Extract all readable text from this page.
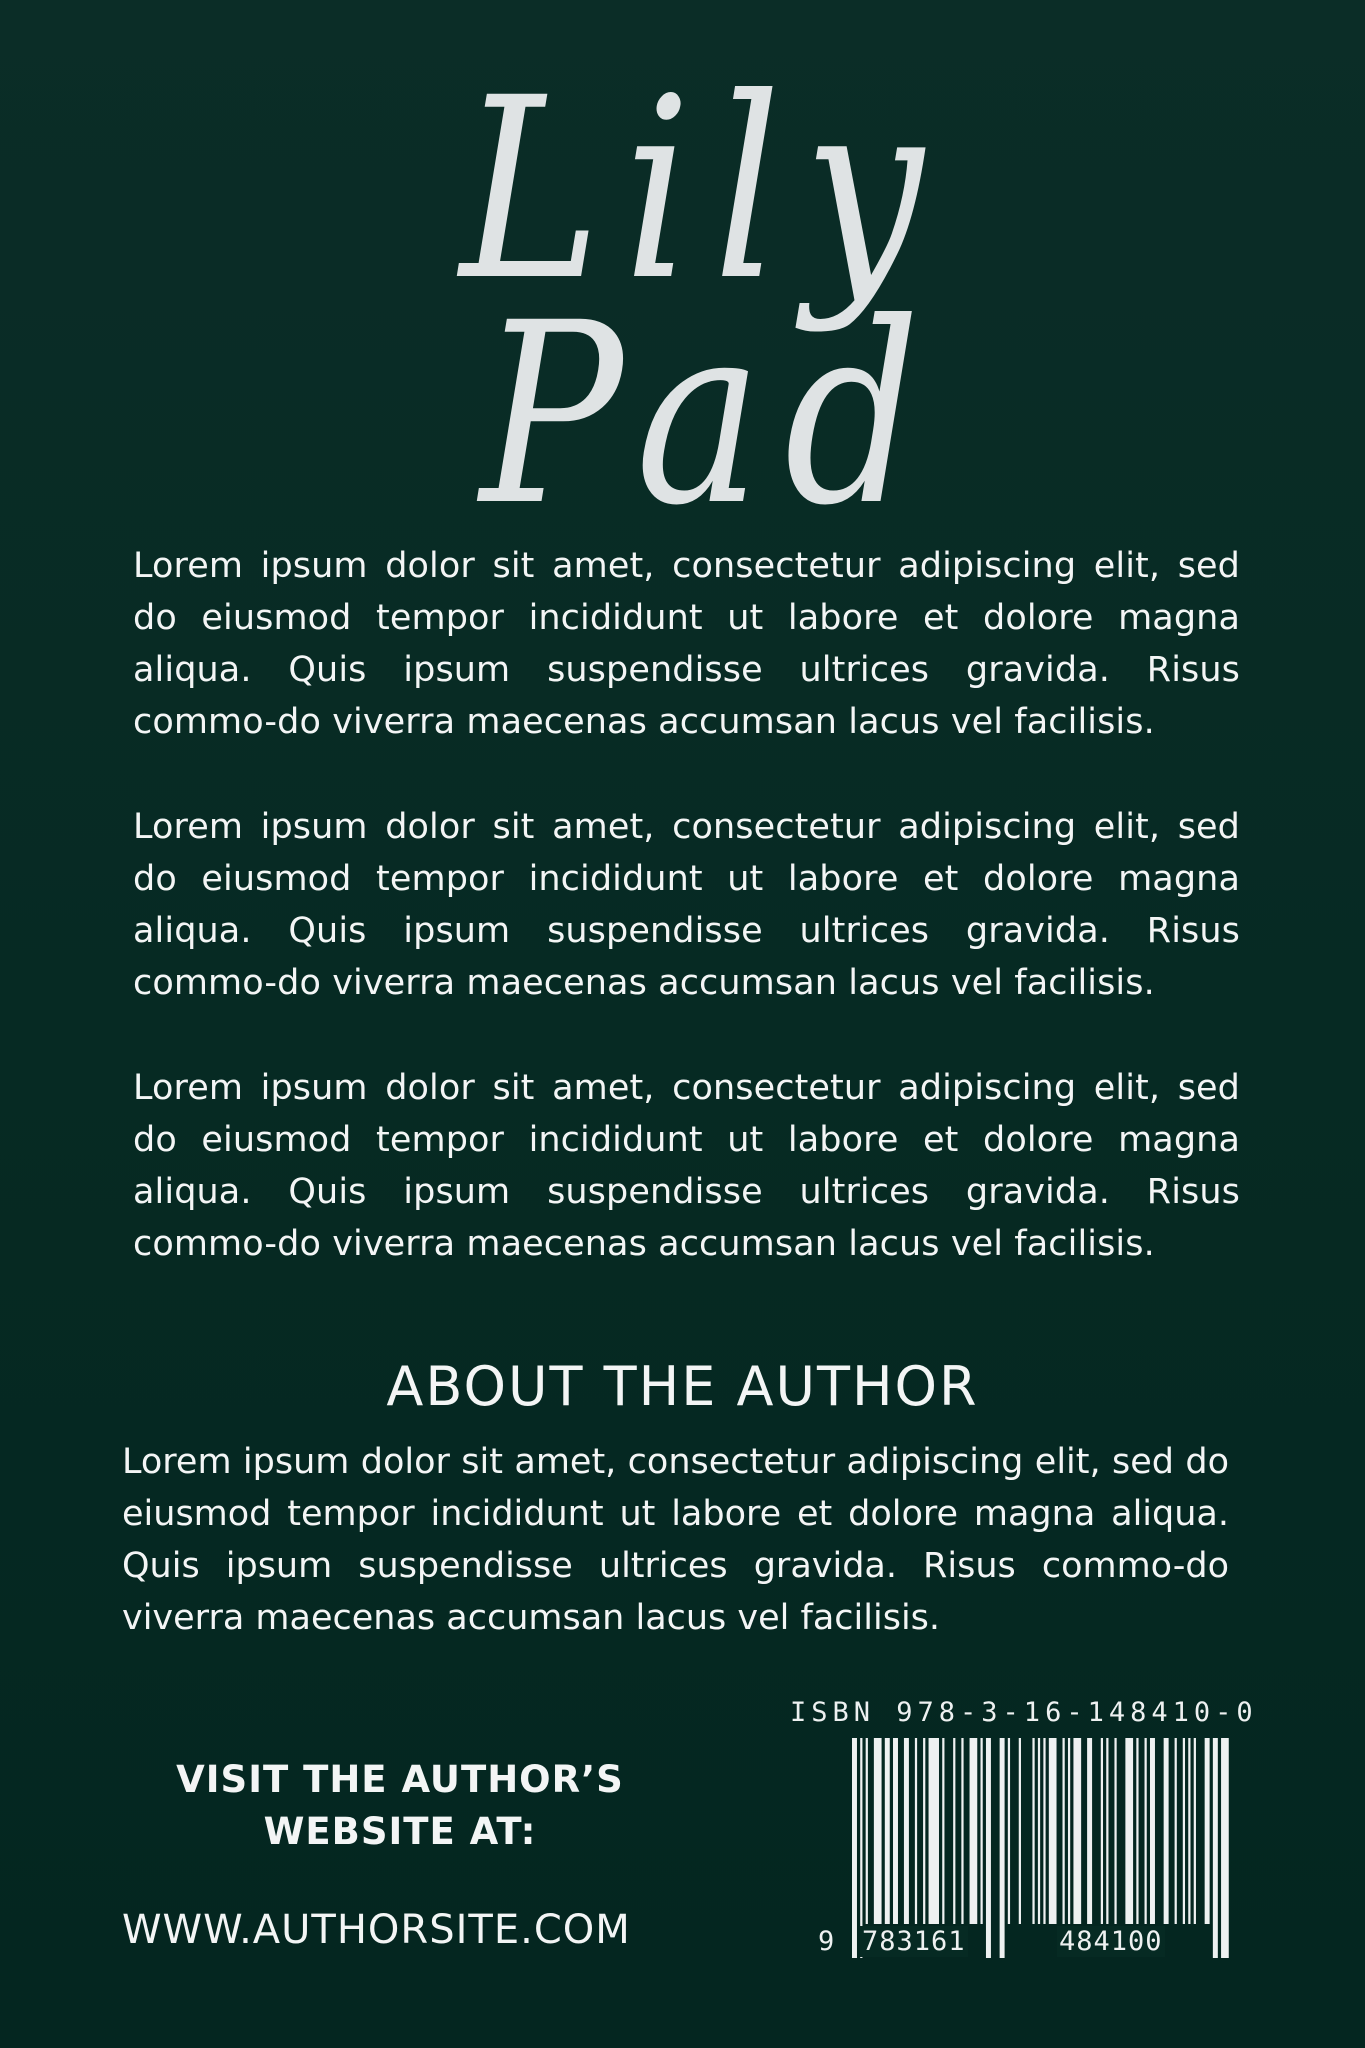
Lily
Pad
Lorem ipsum dolor sit amet, consectetur adipiscing elit, sed do eiusmod tempor incididunt ut labore et dolore magna aliqua. Quis ipsum suspendisse ultrices gravida. Risus commo-do viverra maecenas accumsan lacus vel facilisis.
Lorem ipsum dolor sit amet, consectetur adipiscing elit, sed do eiusmod tempor incididunt ut labore et dolore magna aliqua. Quis ipsum suspendisse ultrices gravida. Risus commo-do viverra maecenas accumsan lacus vel facilisis.
Lorem ipsum dolor sit amet, consectetur adipiscing elit, sed do eiusmod tempor incididunt ut labore et dolore magna aliqua. Quis ipsum suspendisse ultrices gravida. Risus commo-do viverra maecenas accumsan lacus vel facilisis.
ABOUT THE AUTHOR
Lorem ipsum dolor sit amet, consectetur adipiscing elit, sed do eiusmod tempor incididunt ut labore et dolore magna aliqua. Quis ipsum suspendisse ultrices gravida. Risus commo-do viverra maecenas accumsan lacus vel facilisis.
VISIT THE AUTHOR’S
WEBSITE AT:
WWW.AUTHORSITE.COM
ISBN 978-3-16-148410-0
9 783161	484100
